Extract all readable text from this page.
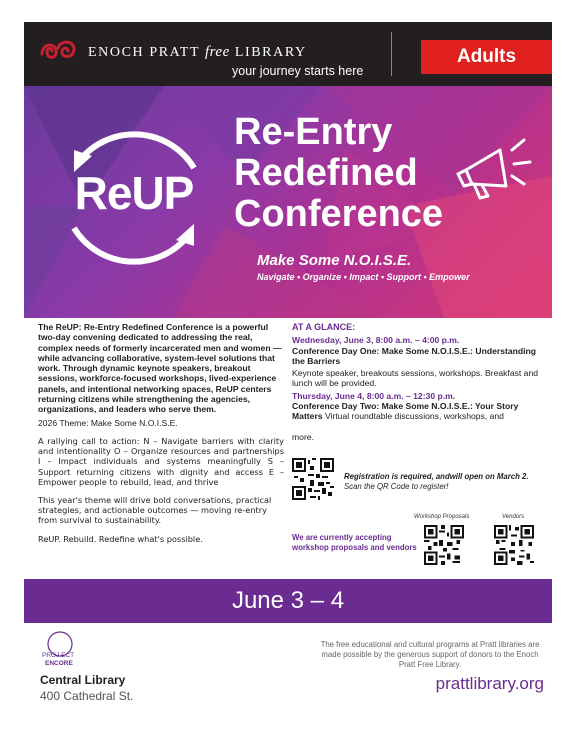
ENOCH PRATT free LIBRARY
your journey starts here
Adults
ReUP
Re-Entry
Redefined
Conference
Make Some N.O.I.S.E.
Navigate • Organize • Impact • Support • Empower

The ReUP: Re-Entry Redefined Conference is a powerful two-day convening dedicated to addressing the real, complex needs of formerly incarcerated men and women — while advancing collaborative, system-level solutions that work. Through dynamic keynote speakers, breakout sessions, workforce-focused workshops, lived-experience panels, and intentional networking spaces, ReUP centers returning citizens while strengthening the agencies, organizations, and leaders who serve them.
2026 Theme: Make Some N.O.I.S.E.

A rallying call to action: N – Navigate barriers with clarity and intentionality O – Organize resources and partnerships I – Impact individuals and systems meaningfully S – Support returning citizens with dignity and access E – Empower people to rebuild, lead, and thrive

This year's theme will drive bold conversations, practical strategies, and actionable outcomes — moving re-entry from survival to sustainability.

ReUP. Rebuild. Redefine what's possible.

AT A GLANCE:
Wednesday, June 3, 8:00 a.m. – 4:00 p.m.
Conference Day One: Make Some N.O.I.S.E.: Understanding the Barriers
Keynote speaker, breakouts sessions, workshops. Breakfast and lunch will be provided.
Thursday, June 4, 8:00 a.m. – 12:30 p.m.
Conference Day Two: Make Some N.O.I.S.E.: Your Story Matters Virtual roundtable discussions, workshops, and
more.
Registration is required, andwill open on March 2.
Scan the QR Code to register!
Workshop Proposals	Vendors
We are currently accepting workshop proposals and vendors
June 3 – 4
PROJ ECT
ENCORE
Central Library
400 Cathedral St.
The free educational and cultural programs at Pratt libraries are made possible by the generous support of donors to the Enoch Pratt Free Library.
prattlibrary.org
